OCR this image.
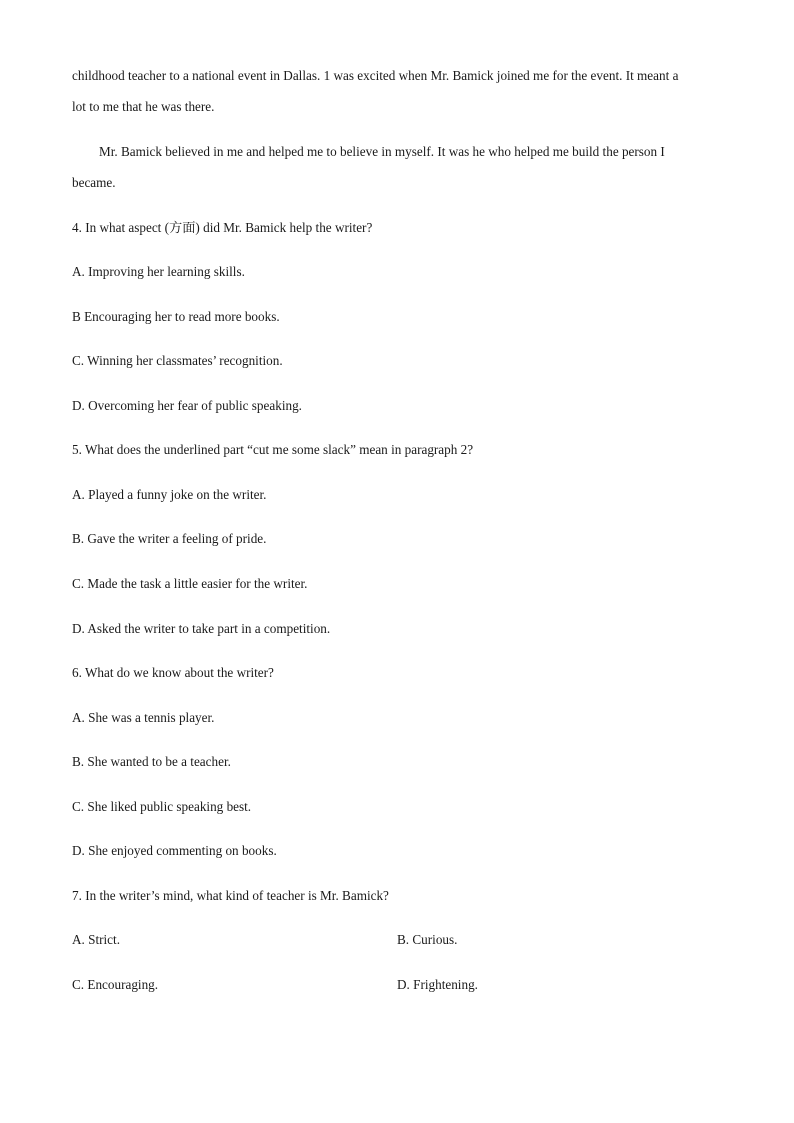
childhood teacher to a national event in Dallas. 1 was excited when Mr. Bamick joined me for the event. It meant a
lot to me that he was there.
Mr. Bamick believed in me and helped me to believe in myself. It was he who helped me build the person I
became.
4. In what aspect (方面) did Mr. Bamick help the writer?
A. Improving her learning skills.
B Encouraging her to read more books.
C. Winning her classmates’ recognition.
D. Overcoming her fear of public speaking.
5. What does the underlined part “cut me some slack” mean in paragraph 2?
A. Played a funny joke on the writer.
B. Gave the writer a feeling of pride.
C. Made the task a little easier for the writer.
D. Asked the writer to take part in a competition.
6. What do we know about the writer?
A. She was a tennis player.
B. She wanted to be a teacher.
C. She liked public speaking best.
D. She enjoyed commenting on books.
7. In the writer’s mind, what kind of teacher is Mr. Bamick?
A. Strict.	B. Curious.
C. Encouraging.	D. Frightening.
